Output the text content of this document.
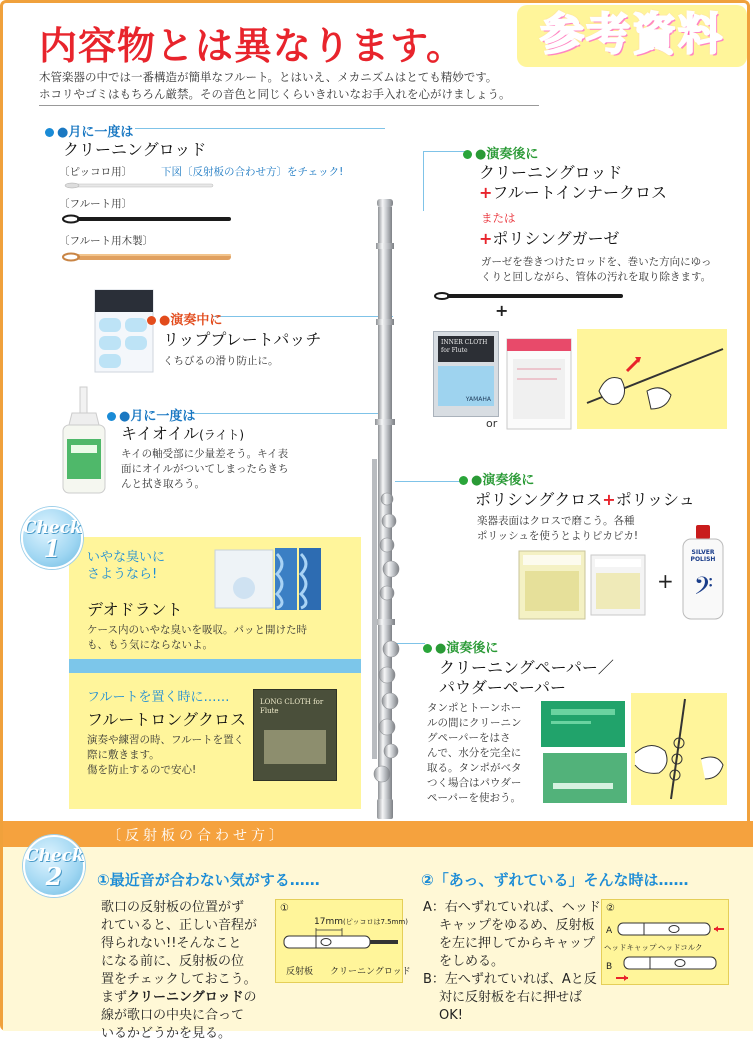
内容物とは異なります。	参考資料
木管楽器の中では一番構造が簡単なフルート。とはいえ、メカニズムはとても精妙です。
ホコリやゴミはもちろん厳禁。その音色と同じくらいきれいなお手入れを心がけましょう。
●月に一度は
クリーニングロッド
〔ピッコロ用〕	下図〔反射板の合わせ方〕をチェック!
〔フルート用〕
〔フルート用木製〕
●演奏中に
リッププレートパッチ
くちびるの滑り防止に。
●月に一度は
キイオイル(ライト)
キイの軸受部に少量差そう。キイ表
面にオイルがついてしまったらきち
んと拭き取ろう。
Check
1	いやな臭いに
さようなら!
デオドラント
ケース内のいやな臭いを吸収。パッと開けた時
も、もう気にならないよ。
フルートを置く時に……	LONG CLOTH for Flute
フルートロングクロス
演奏や練習の時、フルートを置く
際に敷きます。
傷を防止するので安心!
●演奏後に
クリーニングロッド
+フルートインナークロス
または
+ポリシングガーゼ
ガーゼを巻きつけたロッドを、巻いた方向にゆっ
くりと回しながら、管体の汚れを取り除きます。
+
INNER CLOTH for Flute
YAMAHA
or
●演奏後に
ポリシングクロス+ポリッシュ
楽器表面はクロスで磨こう。各種
ポリッシュを使うとよりピカピカ!
+ 𝄢
SILVER POLISH
●演奏後に
クリーニングペーパー／
パウダーペーパー
タンポとトーンホー
ルの間にクリーニン
グペーパーをはさ
んで、水分を完全に
取る。タンポがベタ
つく場合はパウダー
ペーパーを使おう。
〔反射板の合わせ方〕
Check
2	①最近音が合わない気がする……
歌口の反射板の位置がず
れていると、正しい音程が
得られない!!そんなこと
になる前に、反射板の位
置をチェックしておこう。
まずクリーニングロッドの
線が歌口の中央に合って
いるかどうかを見る。
①
17mm(ピッコロは7.5mm)
反射板 クリーニングロッド
②「あっ、ずれている」そんな時は……
A：右へずれていれば、ヘッド
キャップをゆるめ、反射板
を左に押してからキャップ
をしめる。
B：左へずれていれば、Aと反
対に反射板を右に押せば
OK!
②
A
ヘッドキャップ ヘッドコルク
B
